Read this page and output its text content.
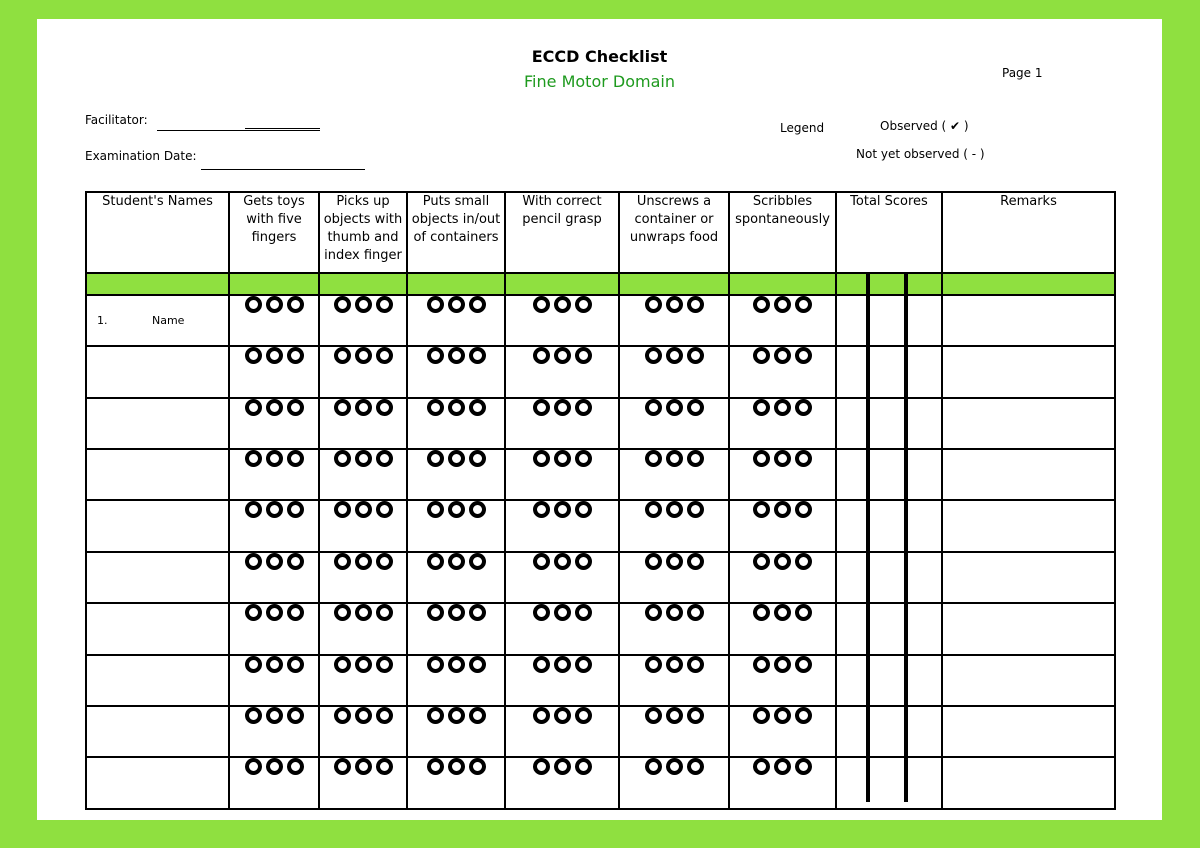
ECCD Checklist
Fine Motor Domain	Page 1
Facilitator:
Examination Date:
Legend	Observed ( ✔ )
Not yet observed ( - )
Student's Names	Gets toys with five fingers	Picks up objects with thumb and index finger	Puts small objects in/out of containers	With correct pencil grasp	Unscrews a container or unwraps food	Scribbles spontaneously	Total Scores	Remarks

1. Name								
